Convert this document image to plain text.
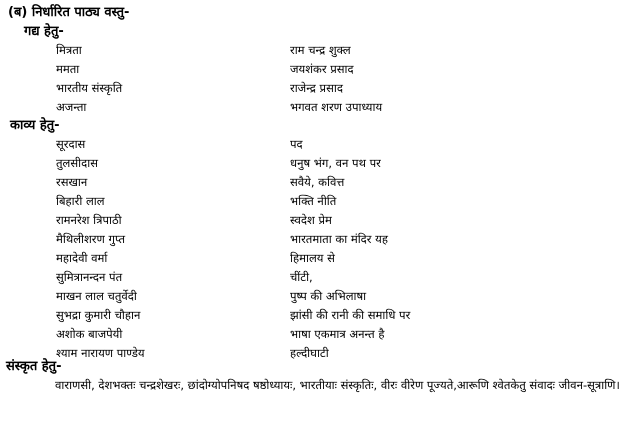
(ब) निर्धारित पाठ्य वस्तु-
गद्य हेतु-
मित्रता	राम चन्द्र शुक्ल
ममता	जयशंकर प्रसाद
भारतीय संस्कृति	राजेन्द्र प्रसाद
अजन्ता	भगवत शरण उपाध्याय
काव्य हेतु-
सूरदास	पद
तुलसीदास	धनुष भंग, वन पथ पर
रसखान	सवैये, कवित्त
बिहारी लाल	भक्ति नीति
रामनरेश त्रिपाठी	स्वदेश प्रेम
मैथिलीशरण गुप्त	भारतमाता का मंदिर यह
महादेवी वर्मा	हिमालय से
सुमित्रानन्दन पंत	चींटी,
माखन लाल चतुर्वेदी	पुष्प की अभिलाषा
सुभद्रा कुमारी चौहान	झांसी की रानी की समाधि पर
अशोक बाजपेयी	भाषा एकमात्र अनन्त है
श्याम नारायण पाण्डेय	हल्दीघाटी
संस्कृत हेतु-
वाराणसी, देशभक्तः चन्द्रशेखरः, छांदोग्योपनिषद षष्ठोध्यायः, भारतीयाः संस्कृतिः, वीरः वीरेण पूज्यते,आरूणि श्वेतकेतु संवादः जीवन-सूत्राणि।
